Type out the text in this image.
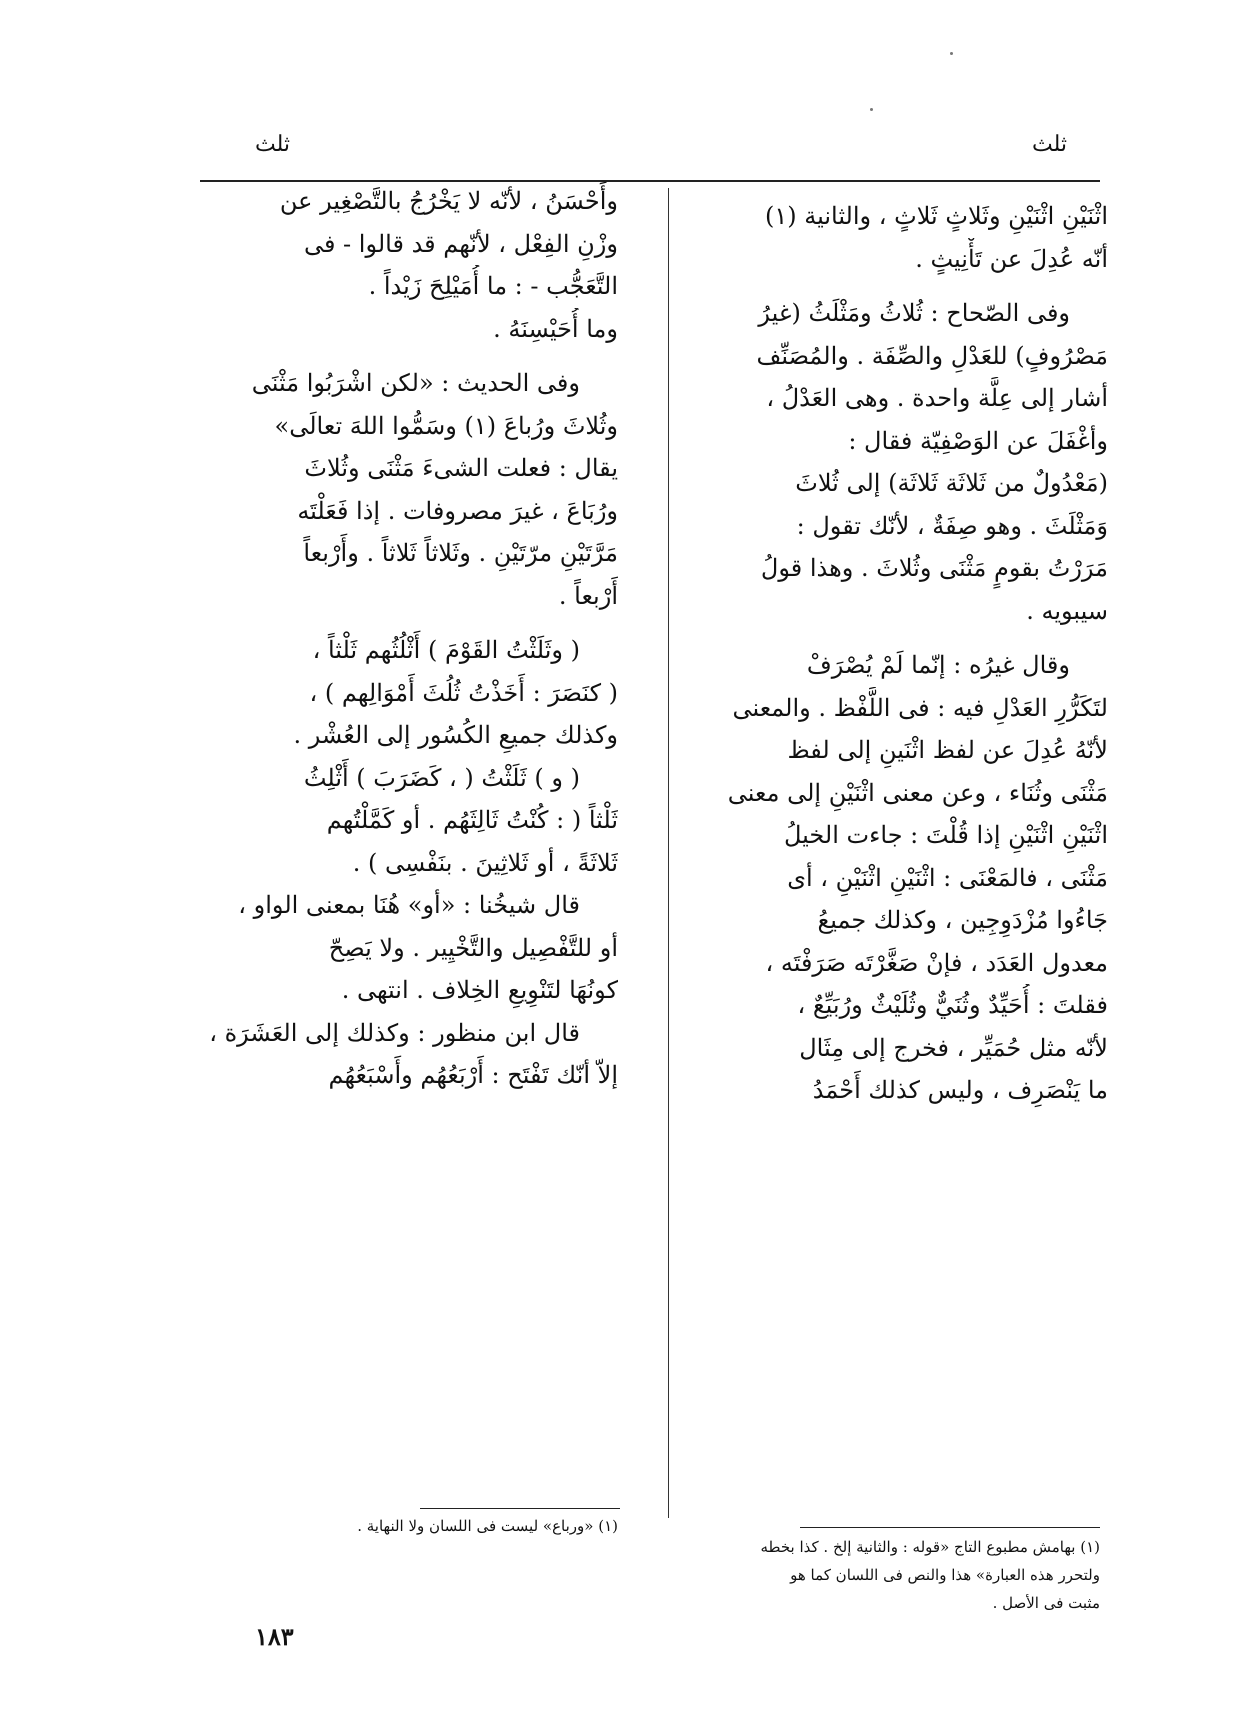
ثلث
ثلث
اثْنَيْنِ اثْنَيْنِ وثَلاثٍ ثَلاثٍ ، والثانية (١)
أنّه عُدِلَ عن تَأْنِيثٍ .
وفى الصّحاح : ثُلاثُ ومَثْلَثُ (غيرُ
مَصْرُوفٍ) للعَدْلِ والصِّفَة . والمُصَنِّف
أشار إلى عِلَّة واحدة . وهى العَدْلُ ،
وأغْفَلَ عن الوَصْفِيّة فقال :
(مَعْدُولٌ من ثَلاثَة ثَلاثَة) إلى ثُلاثَ
وَمَثْلَثَ . وهو صِفَةٌ ، لأنّك تقول :
مَرَرْتُ بقومٍ مَثْنَى وثُلاثَ . وهذا قولُ
سيبويه .
وقال غيرُه : إنّما لَمْ يُصْرَفْ
لتَكَرُّرِ العَدْلِ فيه : فى اللَّفْظ . والمعنى
لأنّهُ عُدِلَ عن لفظ اثْنَينِ إلى لفظ
مَثْنَى وثُنَاء ، وعن معنى اثْنَيْنِ إلى معنى
اثْنَيْنِ اثْنَيْنِ إذا قُلْتَ : جاءت الخيلُ
مَثْنَى ، فالمَعْنَى : اثْنَيْنِ اثْنَيْنِ ، أى
جَاءُوا مُزْدَوِجِين ، وكذلك جميعُ
معدول العَدَد ، فإنْ صَغَّرْتَه صَرَفْتَه ،
فقلتَ : أُحَيِّدٌ وثُنَيٌّ وثُلَيْثٌ ورُبَيِّعٌ ،
لأنّه مثل حُمَيِّر ، فخرج إلى مِثَال
ما يَنْصَرِف ، وليس كذلك أَحْمَدُ
(١) بهامش مطبوع التاج «قوله : والثانية إلخ . كذا بخطه
ولتحرر هذه العبارة» هذا والنص فى اللسان كما هو
مثبت فى الأصل .
وأَحْسَنُ ، لأنّه لا يَخْرُجُ بالتَّصْغِير عن
وزْنِ الفِعْل ، لأنّهم قد قالوا - فى
التَّعَجُّب - : ما أُمَيْلِحَ زَيْداً .
وما أُحَيْسِنَهُ .
وفى الحديث : «لكن اشْرَبُوا مَثْنَى
وثُلاثَ ورُباعَ (١) وسَمُّوا اللهَ تعالَى»
يقال : فعلت الشىءَ مَثْنَى وثُلاثَ
ورُبَاعَ ، غيرَ مصروفات . إذا فَعَلْتَه
مَرَّتَيْنِ مرّتَيْنِ . وثَلاثاً ثَلاثاً . وأَرْبعاً
أَرْبعاً .
( وثَلَثْتُ القَوْمَ ) أَثْلُثُهم ثَلْثاً ،
( كنَصَرَ : أَخَذْتُ ثُلُثَ أَمْوَالِهم ) ،
وكذلك جميعِ الكُسُور إلى العُشْر .
( و ) ثَلَثْتُ ( ، كَضَرَبَ ) أَثْلِثُ
ثَلْثاً ( : كُنْتُ ثَالِثَهُم . أو كَمَّلْتُهم
ثَلاثَةً ، أو ثَلاثِينَ . بنَفْسِى ) .
قال شيخُنا : «أو» هُنَا بمعنى الواو ،
أو للتَّفْصِيل والتَّخْيِير . ولا يَصِحّ
كونُهَا لتَنْوِيعِ الخِلاف . انتهى .
قال ابن منظور : وكذلك إلى العَشَرَة ،
إلاّ أنّك تَفْتَح : أَرْبَعُهُم وأَسْبَعُهُم
(١) «ورباع» ليست فى اللسان ولا النهاية .
١٨٣
